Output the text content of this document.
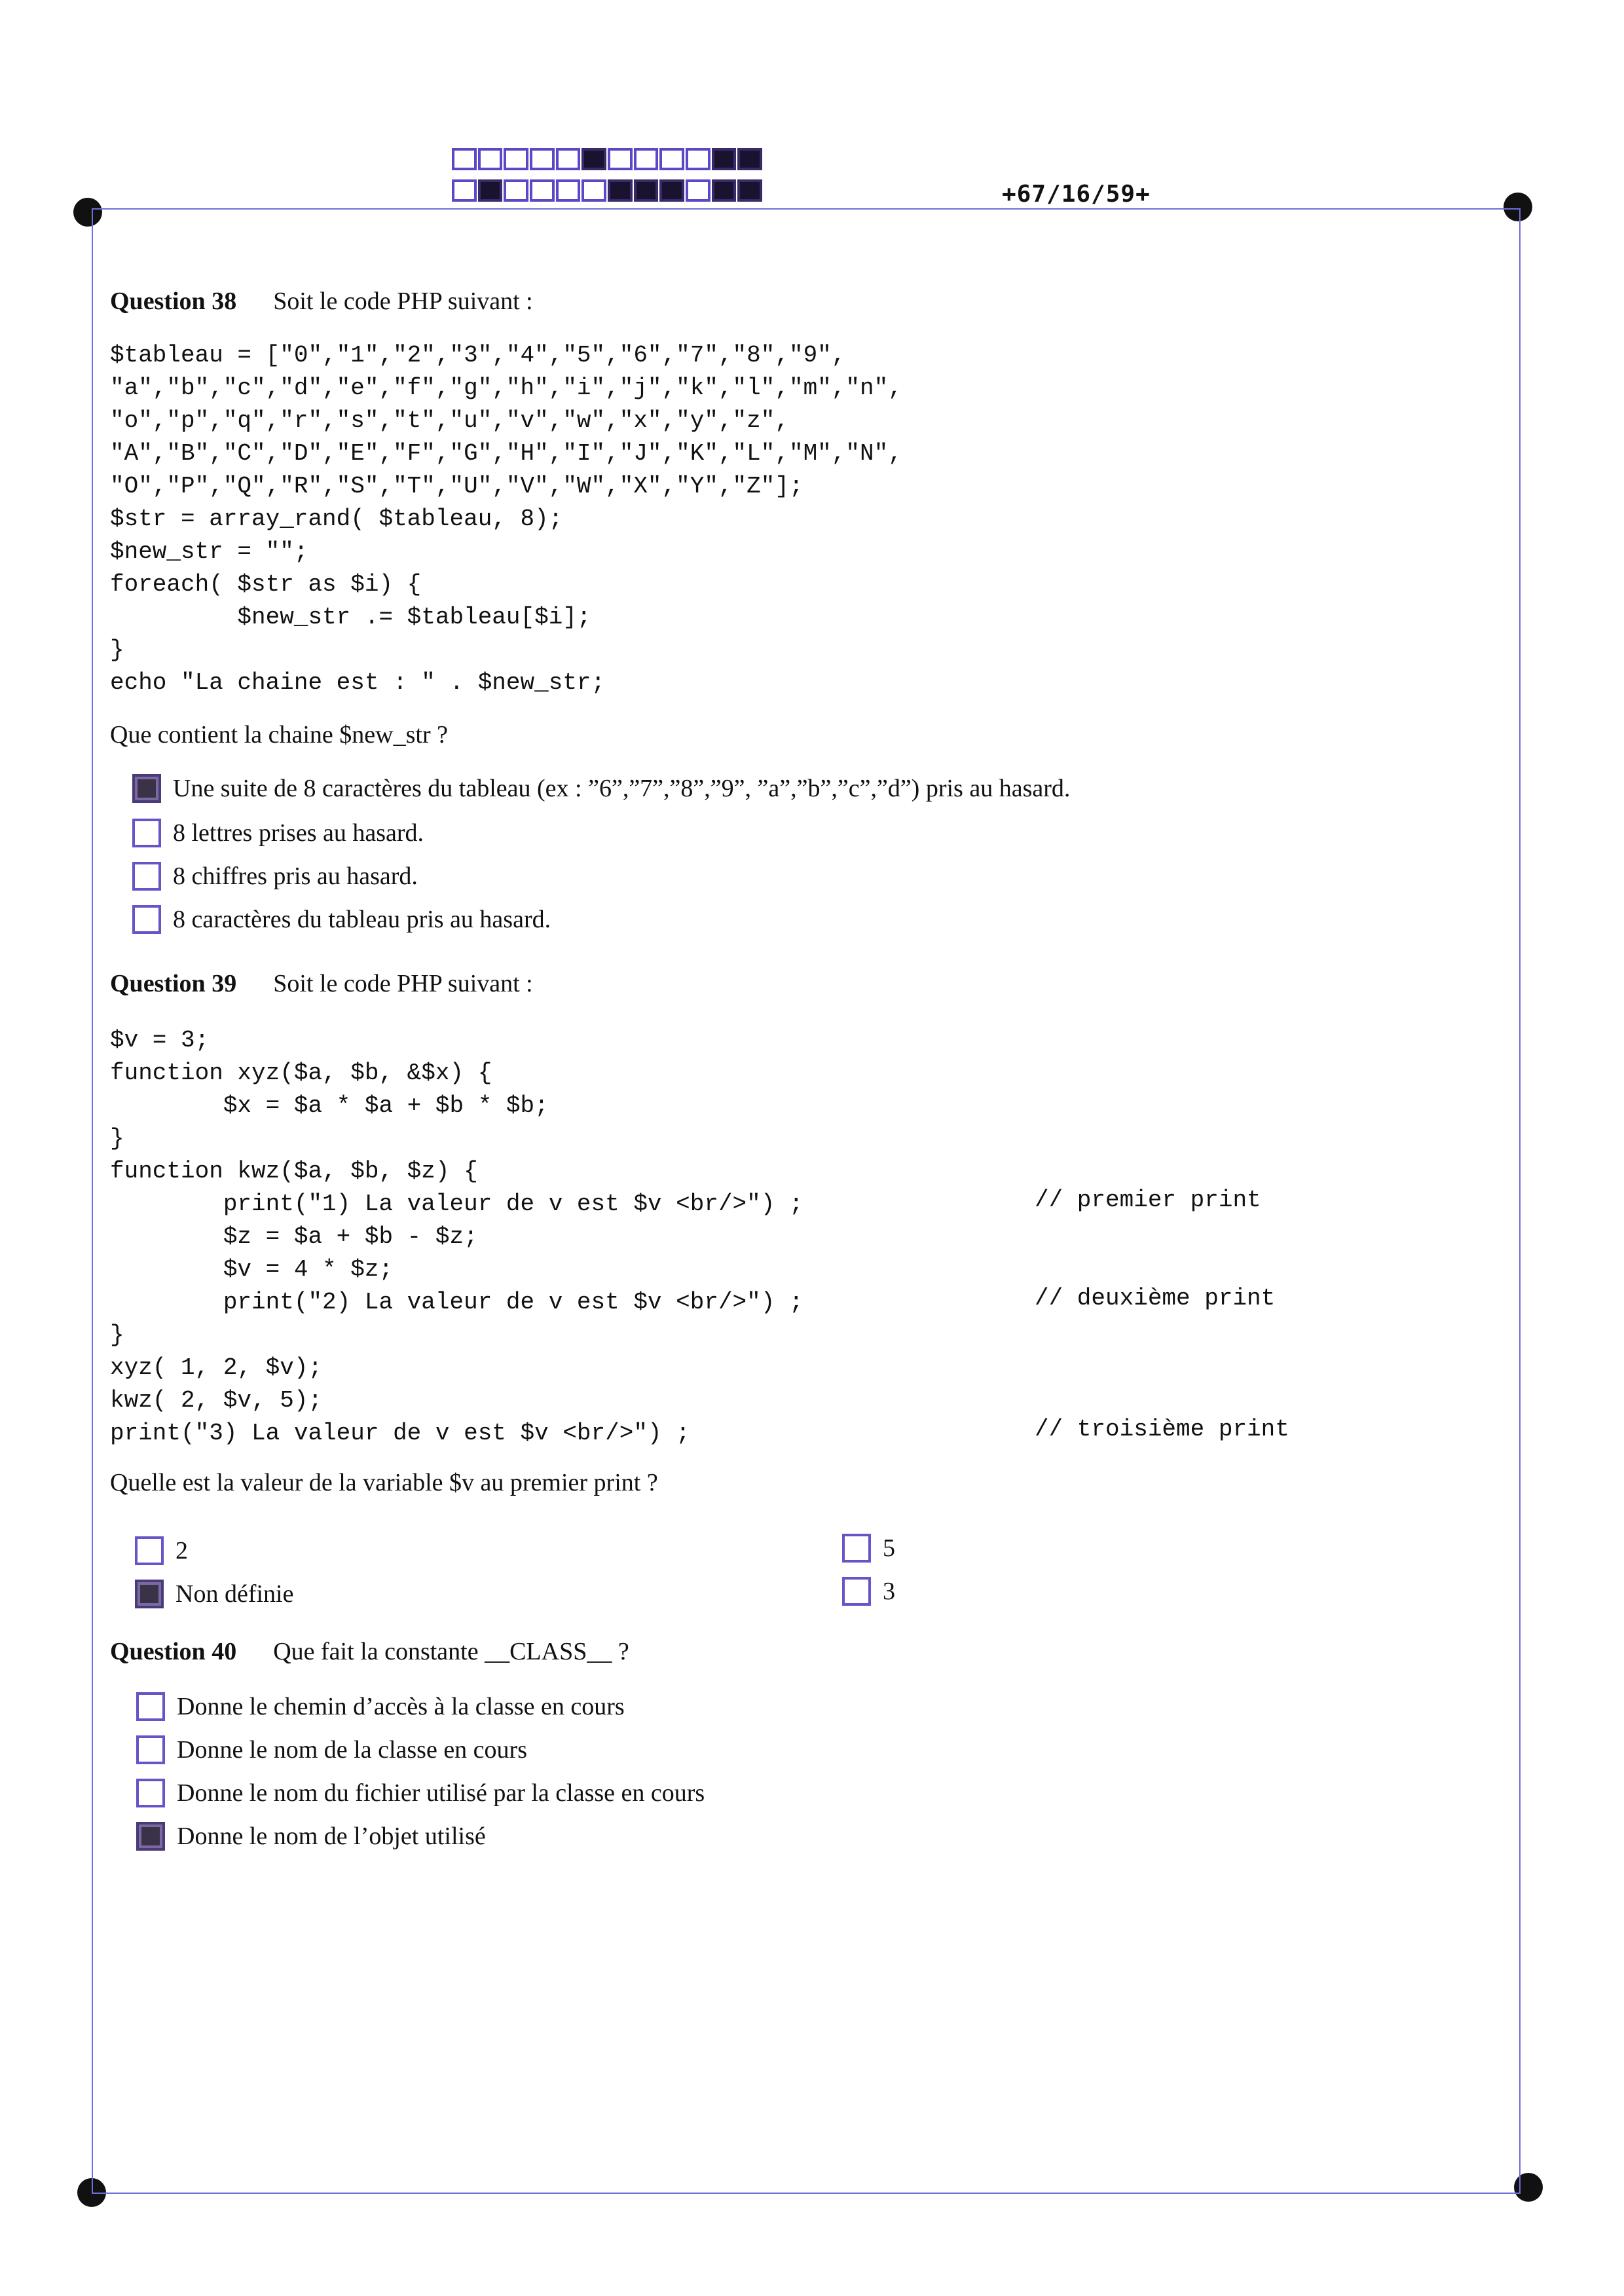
+67/16/59+
Question 38 Soit le code PHP suivant :
$tableau = ["0","1","2","3","4","5","6","7","8","9",
"a","b","c","d","e","f","g","h","i","j","k","l","m","n",
"o","p","q","r","s","t","u","v","w","x","y","z",
"A","B","C","D","E","F","G","H","I","J","K","L","M","N",
"O","P","Q","R","S","T","U","V","W","X","Y","Z"];
$str = array_rand( $tableau, 8);
$new_str = "";
foreach( $str as $i) {
$new_str .= $tableau[$i];
}
echo "La chaine est : " . $new_str;
Que contient la chaine $new_str ?
Une suite de 8 caractères du tableau (ex : ”6”,”7”,”8”,”9”, ”a”,”b”,”c”,”d”) pris au hasard.
8 lettres prises au hasard.
8 chiffres pris au hasard.
8 caractères du tableau pris au hasard.
Question 39 Soit le code PHP suivant :
$v = 3;
function xyz($a, $b, &$x) {
$x = $a * $a + $b * $b;
}
function kwz($a, $b, $z) {
print("1) La valeur de v est $v <br/>") ;
$z = $a + $b - $z;
$v = 4 * $z;
print("2) La valeur de v est $v <br/>") ;
}
xyz( 1, 2, $v);
kwz( 2, $v, 5);
print("3) La valeur de v est $v <br/>") ;
// premier print
// deuxième print
// troisième print
Quelle est la valeur de la variable $v au premier print ?
2
Non définie
5
3
Question 40 Que fait la constante __CLASS__ ?
Donne le chemin d’accès à la classe en cours
Donne le nom de la classe en cours
Donne le nom du fichier utilisé par la classe en cours
Donne le nom de l’objet utilisé
